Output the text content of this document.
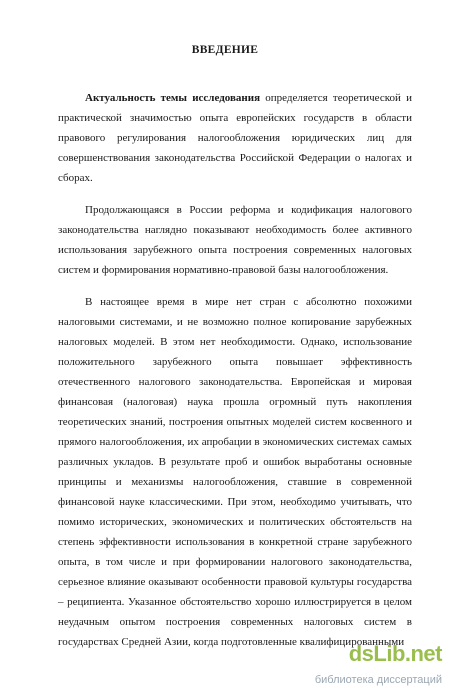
ВВЕДЕНИЕ

Актуальность темы исследования определяется теоретической и практической значимостью опыта европейских государств в области правового регулирования налогообложения юридических лиц для совершенствования законодательства Российской Федерации о налогах и сборах.

Продолжающаяся в России реформа и кодификация налогового законодательства наглядно показывают необходимость более активного использования зарубежного опыта построения современных налоговых систем и формирования нормативно-правовой базы налогообложения.

В настоящее время в мире нет стран с абсолютно похожими налоговыми системами, и не возможно полное копирование зарубежных налоговых моделей. В этом нет необходимости. Однако, использование положительного зарубежного опыта повышает эффективность отечественного налогового законодательства. Европейская и мировая финансовая (налоговая) наука прошла огромный путь накопления теоретических знаний, построения опытных моделей систем косвенного и прямого налогообложения, их апробации в экономических системах самых различных укладов. В результате проб и ошибок выработаны основные принципы и механизмы налогообложения, ставшие в современной финансовой науке классическими. При этом, необходимо учитывать, что помимо исторических, экономических и политических обстоятельств на степень эффективности использования в конкретной стране зарубежного опыта, в том числе и при формировании налогового законодательства, серьезное влияние оказывают особенности правовой культуры государства – реципиента. Указанное обстоятельство хорошо иллюстрируется в целом неудачным опытом построения современных налоговых систем в государствах Средней Азии, когда подготовленные квалифицированными

dsLib.net
библиотека диссертаций
